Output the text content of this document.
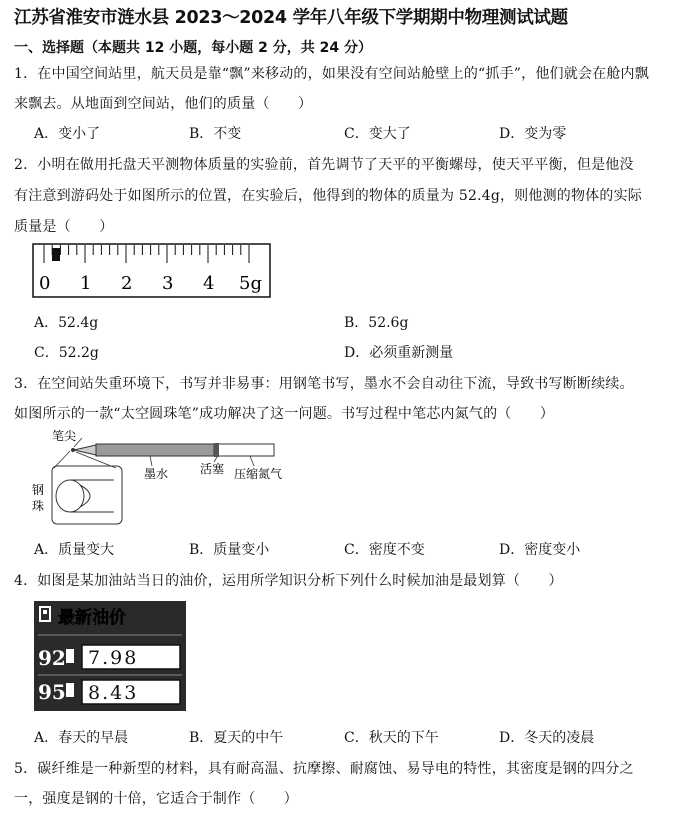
江苏省淮安市涟水县 2023～2024 学年八年级下学期期中物理测试试题
一、选择题（本题共 12 小题，每小题 2 分，共 24 分）
1．在中国空间站里，航天员是靠“飘”来移动的，如果没有空间站舱壁上的“抓手”，他们就会在舱内飘
来飘去。从地面到空间站，他们的质量（　　）
A．变小了	B．不变	C．变大了	D．变为零
2．小明在做用托盘天平测物体质量的实验前，首先调节了天平的平衡螺母，使天平平衡，但是他没
有注意到游码处于如图所示的位置，在实验后，他得到的物体的质量为 52.4g，则他测的物体的实际
质量是（　　）
0 1 2 3 4 5g
A．52.4g	B．52.6g
C．52.2g	D．必须重新测量
3．在空间站失重环境下，书写并非易事：用钢笔书写，墨水不会自动往下流，导致书写断断续续。
如图所示的一款“太空圆珠笔”成功解决了这一问题。书写过程中笔芯内氮气的（　　）
笔尖
墨水	活塞 压缩氮气
钢
珠
A．质量变大	B．质量变小	C．密度不变	D．密度变小
4．如图是某加油站当日的油价，运用所学知识分析下列什么时候加油是最划算（　　）
最新油价
92 7.98
95 8.43
A．春天的早晨	B．夏天的中午	C．秋天的下午	D．冬天的凌晨
5．碳纤维是一种新型的材料，具有耐高温、抗摩擦、耐腐蚀、易导电的特性，其密度是钢的四分之
一，强度是钢的十倍，它适合于制作（　　）
